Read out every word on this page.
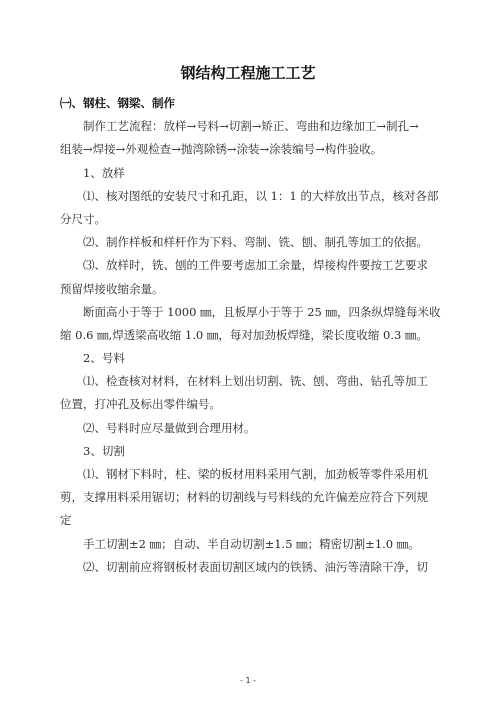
钢结构工程施工工艺
㈠、钢柱、钢梁、制作
制作工艺流程：放样→号料→切割→矫正、弯曲和边缘加工→制孔→
组装→焊接→外观检查→抛湾除锈→涂装→涂装编号→构件验收。
1、放样
⑴、核对图纸的安装尺寸和孔距，以 1：1 的大样放出节点，核对各部
分尺寸。
⑵、制作样板和样杆作为下料、弯制、铣、刨、制孔等加工的依据。
⑶、放样时，铣、刨的工件要考虑加工余量，焊接构件要按工艺要求
预留焊接收缩余量。
断面高小于等于 1000 ㎜，且板厚小于等于 25 ㎜，四条纵焊缝每米收
缩 0.6 ㎜,焊透梁高收缩 1.0 ㎜，每对加劲板焊缝，梁长度收缩 0.3 ㎜。
2、号料
⑴、检查核对材料，在材料上划出切割、铣、刨、弯曲、钻孔等加工
位置，打冲孔及标出零件编号。
⑵、号料时应尽量做到合理用材。
3、切割
⑴、钢材下料时，柱、梁的板材用料采用气割，加劲板等零件采用机
剪，支撑用料采用锯切；材料的切割线与号料线的允许偏差应符合下列规
定
手工切割±2 ㎜；自动、半自动切割±1.5 ㎜；精密切割±1.0 ㎜。
⑵、切割前应将钢板材表面切割区域内的铁锈、油污等清除干净，切
- 1 -
